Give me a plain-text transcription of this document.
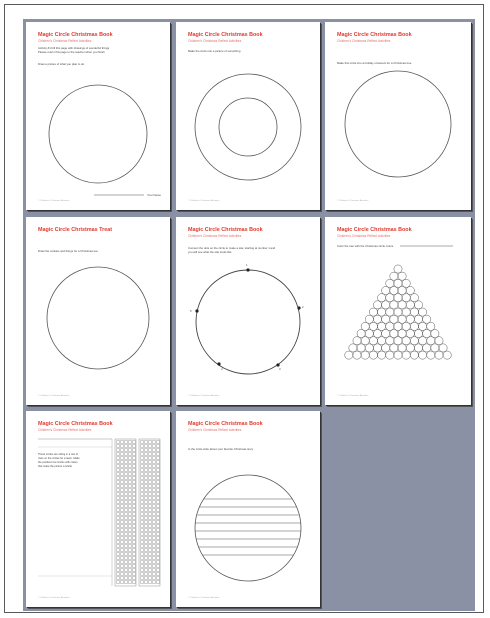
Magic Circle Christmas Book
Children's Christmas Reflect Activities
Activity #1 Fill this page with drawings of wonderful things
Please return this page to the teacher when you finish
Draw a picture of what you plan to do
Your Name
© Children's Christmas Activities
Magic Circle Christmas Book
Children's Christmas Reflect Activities
Make the circle into a picture of something
© Children's Christmas Activities
Magic Circle Christmas Book
Children's Christmas Reflect Activities
Make this circle into a holiday ornament for a Christmas tree
© Children's Christmas Activities
Magic Circle Christmas Treat
Draw the cookies and things for a Christmas tea
© Children's Christmas Activities
Magic Circle Christmas Book
Children's Christmas Reflect Activities
Connect the dots on the circle to make a star, starting at number 1 and
you will see what the star looks like
1
2
3
4
5
© Children's Christmas Activities
Magic Circle Christmas Book
Children's Christmas Reflect Activities
Color the tree with the Christmas circle colors
© Children's Christmas Activities
Magic Circle Christmas Book
Children's Christmas Reflect Activities
These circles are sitting in a row of
rows on the circles for a team. Make
the prettiest row circles with colors
that make the picture a whole
© Children's Christmas Activities
Magic Circle Christmas Book
Children's Christmas Reflect Activities
In the circle write about your favorite Christmas story
© Children's Christmas Activities
